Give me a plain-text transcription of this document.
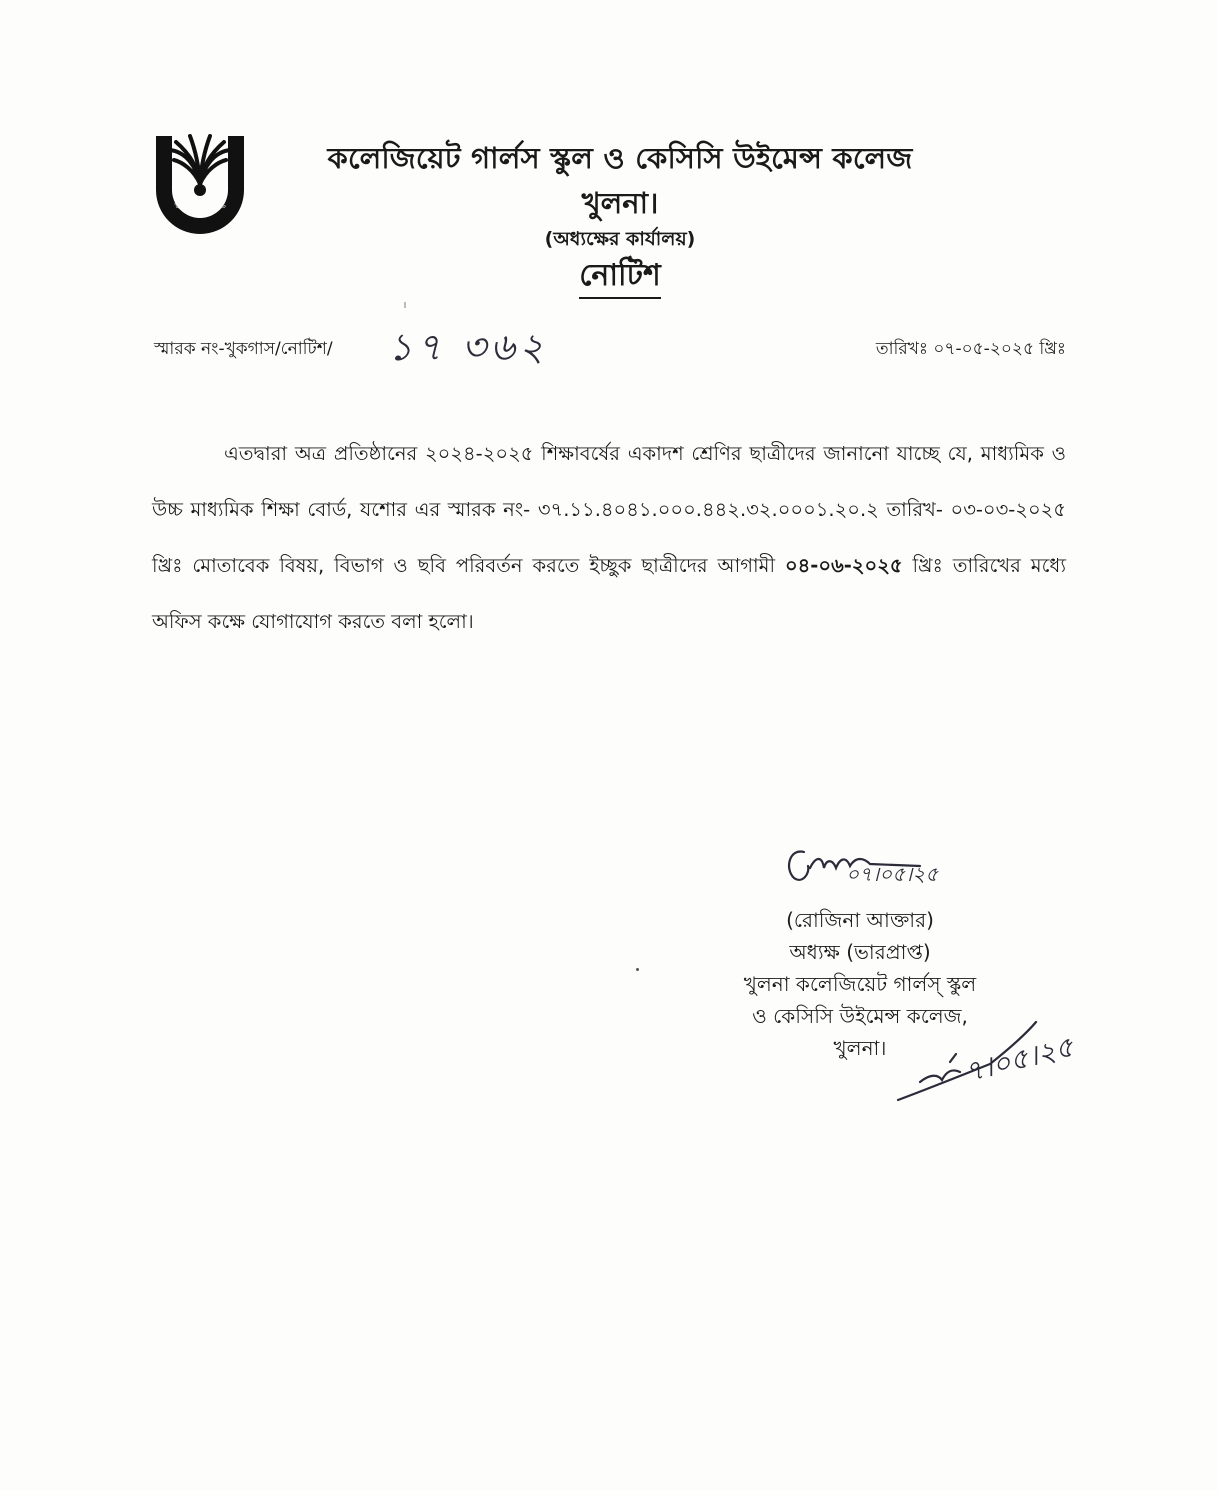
স্থাপিত ঃ ১৯৯৬

কলেজিয়েট গার্লস স্কুল ও কেসিসি উইমেন্স কলেজ

খুলনা।

(অধ্যক্ষের কার্যালয়)

নোটিশ
স্মারক নং-খুকগাস/নোটিশ/ ১৭ ৩৬২	তারিখঃ ০৭-০৫-২০২৫ খ্রিঃ

এতদ্বারা অত্র প্রতিষ্ঠানের ২০২৪-২০২৫ শিক্ষাবর্ষের একাদশ শ্রেণির ছাত্রীদের জানানো যাচ্ছে যে, মাধ্যমিক ও উচ্চ মাধ্যমিক শিক্ষা বোর্ড, যশোর এর স্মারক নং- ৩৭.১১.৪০৪১.০০০.৪৪২.৩২.০০০১.২০.২ তারিখ- ০৩-০৩-২০২৫ খ্রিঃ মোতাবেক বিষয়, বিভাগ ও ছবি পরিবর্তন করতে ইচ্ছুক ছাত্রীদের আগামী ০৪-০৬-২০২৫ খ্রিঃ তারিখের মধ্যে অফিস কক্ষে যোগাযোগ করতে বলা হলো।

০৭।০৫।২৫

(রোজিনা আক্তার)

অধ্যক্ষ (ভারপ্রাপ্ত)

খুলনা কলেজিয়েট গার্লস্ স্কুল

ও কেসিসি উইমেন্স কলেজ,

খুলনা।	৭।০৫।২৫
